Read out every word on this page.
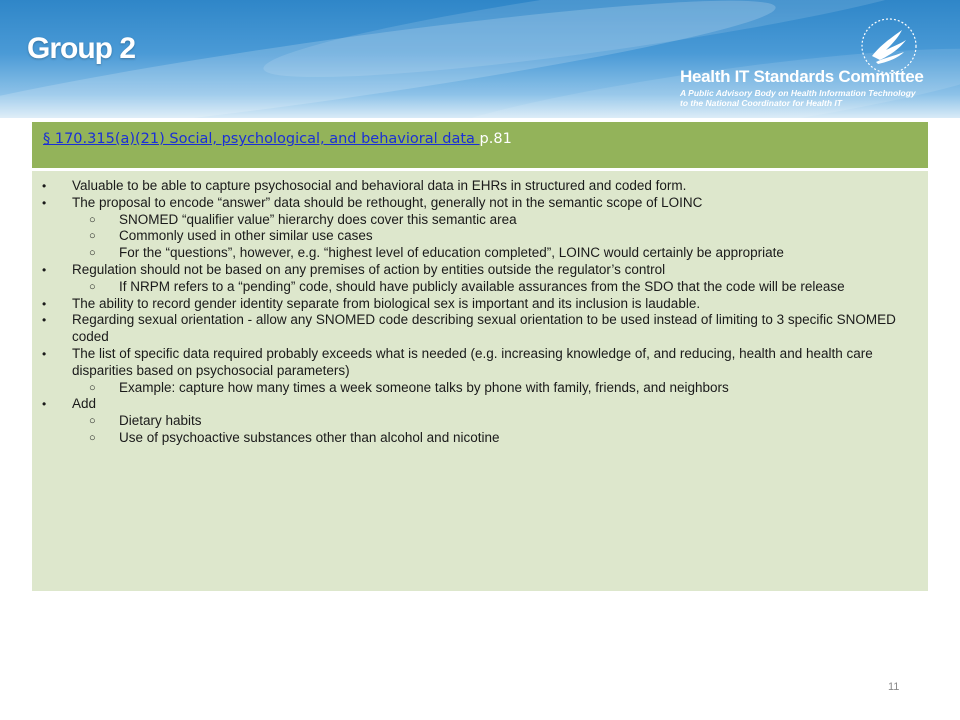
Group 2
Health IT Standards Committee
A Public Advisory Body on Health Information Technology
to the National Coordinator for Health IT
§ 170.315(a)(21) Social, psychological, and behavioral data p.81
• Valuable to be able to capture psychosocial and behavioral data in EHRs in structured and coded form.
• The proposal to encode “answer” data should be rethought, generally not in the semantic scope of LOINC
○ SNOMED “qualifier value” hierarchy does cover this semantic area
○ Commonly used in other similar use cases
○ For the “questions”, however, e.g. “highest level of education completed”, LOINC would certainly be appropriate
• Regulation should not be based on any premises of action by entities outside the regulator’s control
○ If NRPM refers to a “pending” code, should have publicly available assurances from the SDO that the code will be release
• The ability to record gender identity separate from biological sex is important and its inclusion is laudable.
• Regarding sexual orientation - allow any SNOMED code describing sexual orientation to be used instead of limiting to 3 specific SNOMED coded
• The list of specific data required probably exceeds what is needed (e.g. increasing knowledge of, and reducing, health and health care disparities based on psychosocial parameters)
○ Example: capture how many times a week someone talks by phone with family, friends, and neighbors
• Add
○ Dietary habits
○ Use of psychoactive substances other than alcohol and nicotine
11
